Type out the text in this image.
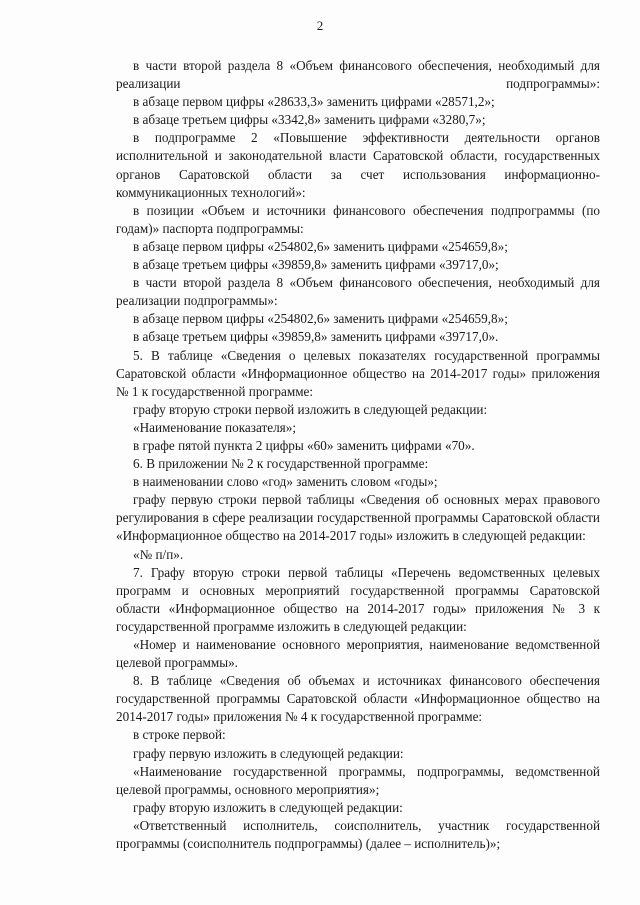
2

в части второй раздела 8 «Объем финансового обеспечения, необходимый для реализации подпрограммы»:

в абзаце первом цифры «28633,3» заменить цифрами «28571,2»;

в абзаце третьем цифры «3342,8» заменить цифрами «3280,7»;

в подпрограмме 2 «Повышение эффективности деятельности органов исполнительной и законодательной власти Саратовской области, государственных органов Саратовской области за счет использования информационно-коммуникационных технологий»:

в позиции «Объем и источники финансового обеспечения подпрограммы (по годам)» паспорта подпрограммы:

в абзаце первом цифры «254802,6» заменить цифрами «254659,8»;

в абзаце третьем цифры «39859,8» заменить цифрами «39717,0»;

в части второй раздела 8 «Объем финансового обеспечения, необходимый для реализации подпрограммы»:

в абзаце первом цифры «254802,6» заменить цифрами «254659,8»;

в абзаце третьем цифры «39859,8» заменить цифрами «39717,0».

5. В таблице «Сведения о целевых показателях государственной программы Саратовской области «Информационное общество на 2014-2017 годы» приложения № 1 к государственной программе:

графу вторую строки первой изложить в следующей редакции:

«Наименование показателя»;

в графе пятой пункта 2 цифры «60» заменить цифрами «70».

6. В приложении № 2 к государственной программе:

в наименовании слово «год» заменить словом «годы»;

графу первую строки первой таблицы «Сведения об основных мерах правового регулирования в сфере реализации государственной программы Саратовской области «Информационное общество на 2014-2017 годы» изложить в следующей редакции:

«№ п/п».

7. Графу вторую строки первой таблицы «Перечень ведомственных целевых программ и основных мероприятий государственной программы Саратовской области «Информационное общество на 2014-2017 годы» приложения № 3 к государственной программе изложить в следующей редакции:

«Номер и наименование основного мероприятия, наименование ведомственной целевой программы».

8. В таблице «Сведения об объемах и источниках финансового обеспечения государственной программы Саратовской области «Информационное общество на 2014-2017 годы» приложения № 4 к государственной программе:

в строке первой:

графу первую изложить в следующей редакции:

«Наименование государственной программы, подпрограммы, ведомственной целевой программы, основного мероприятия»;

графу вторую изложить в следующей редакции:

«Ответственный исполнитель, соисполнитель, участник государственной программы (соисполнитель подпрограммы) (далее – исполнитель)»;
